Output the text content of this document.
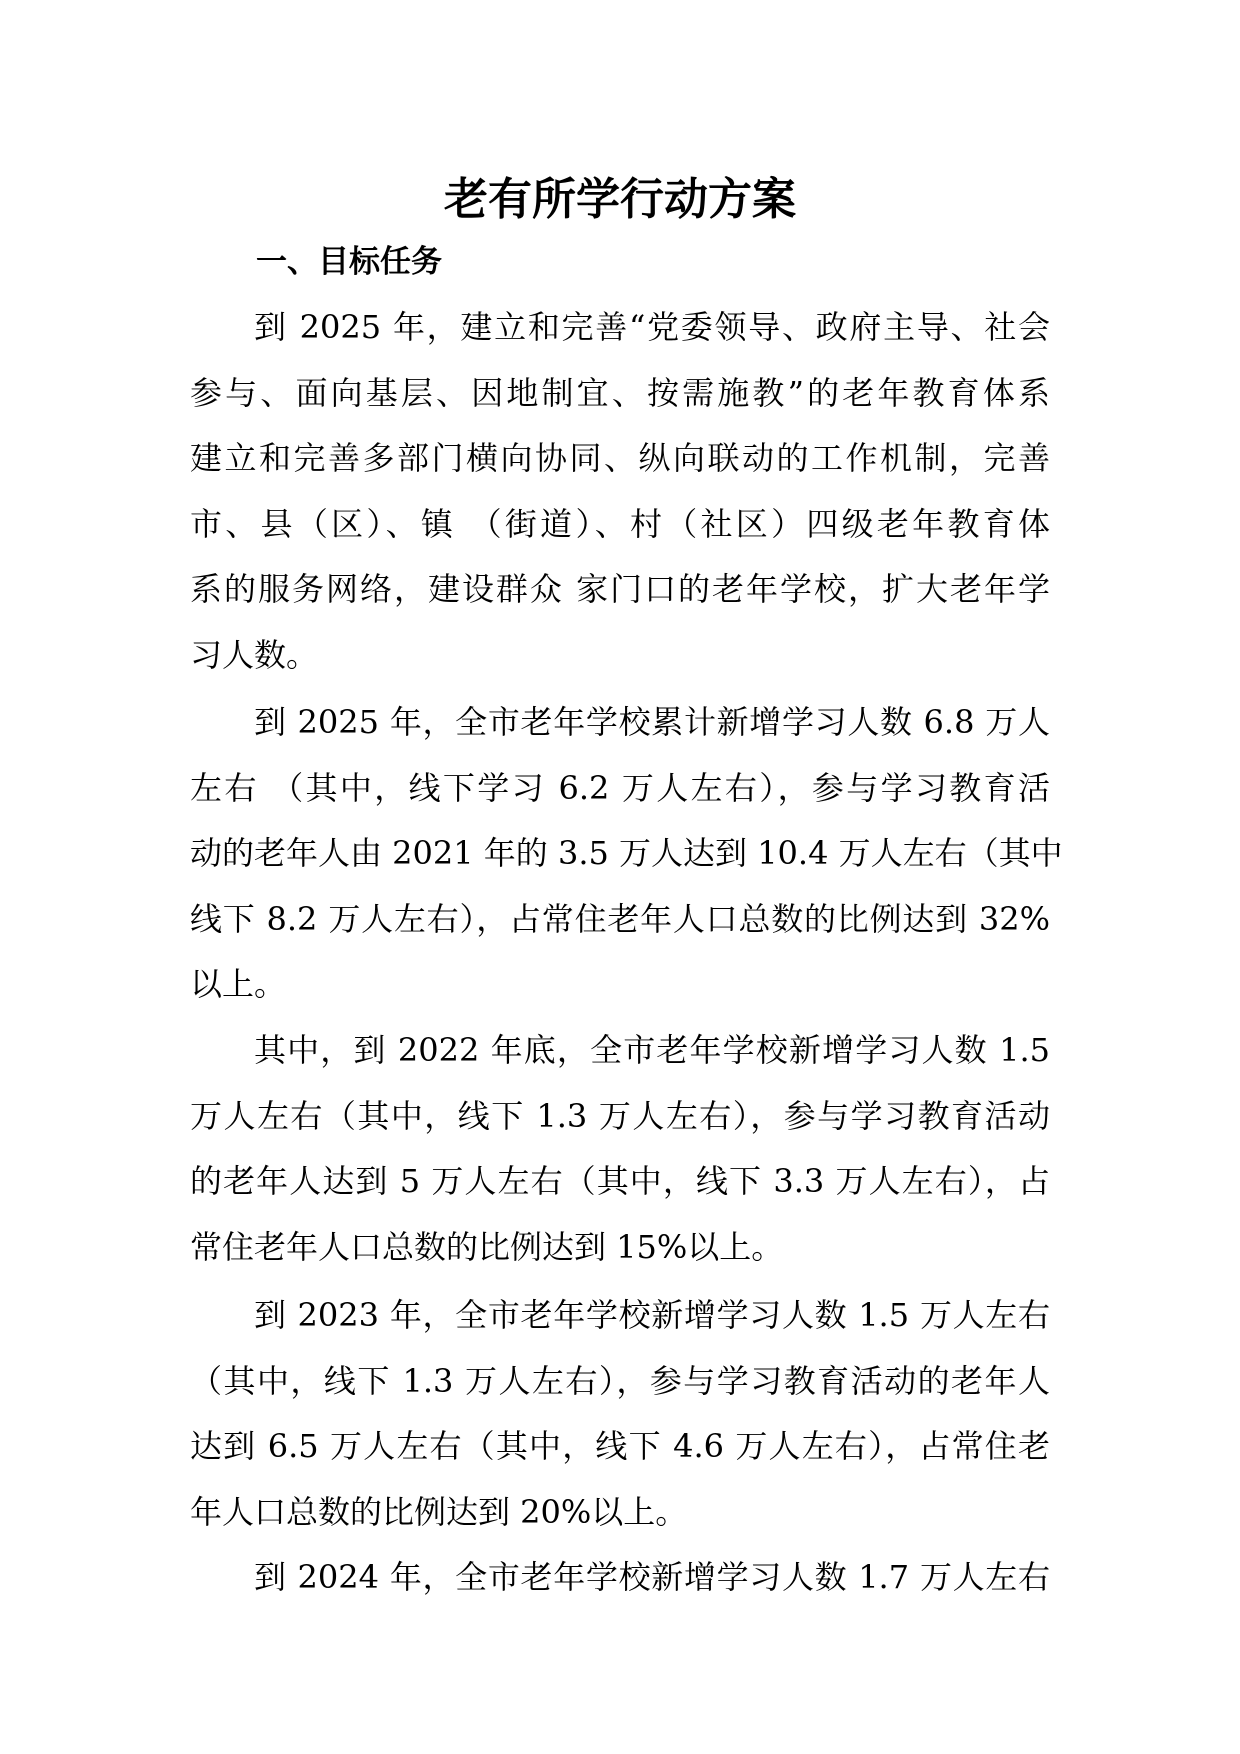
老有所学行动方案
一、目标任务

到 2025 年，建立和完善“党委领导、政府主导、社会
参与、面向基层、因地制宜、按需施教”的老年教育体系
建立和完善多部门横向协同、纵向联动的工作机制，完善
市、县（区）、镇 （街道）、村（社区）四级老年教育体
系的服务网络，建设群众 家门口的老年学校，扩大老年学
习人数。

到 2025 年，全市老年学校累计新增学习人数 6.8 万人
左右 （其中，线下学习 6.2 万人左右），参与学习教育活
动的老年人由 2021 年的 3.5 万人达到 10.4 万人左右（其中
线下 8.2 万人左右），占常住老年人口总数的比例达到 32%
以上。

其中，到 2022 年底，全市老年学校新增学习人数 1.5
万人左右（其中，线下 1.3 万人左右），参与学习教育活动
的老年人达到 5 万人左右（其中，线下 3.3 万人左右），占
常住老年人口总数的比例达到 15%以上。

到 2023 年，全市老年学校新增学习人数 1.5 万人左右
（其中，线下 1.3 万人左右），参与学习教育活动的老年人
达到 6.5 万人左右（其中，线下 4.6 万人左右），占常住老
年人口总数的比例达到 20%以上。

到 2024 年，全市老年学校新增学习人数 1.7 万人左右
